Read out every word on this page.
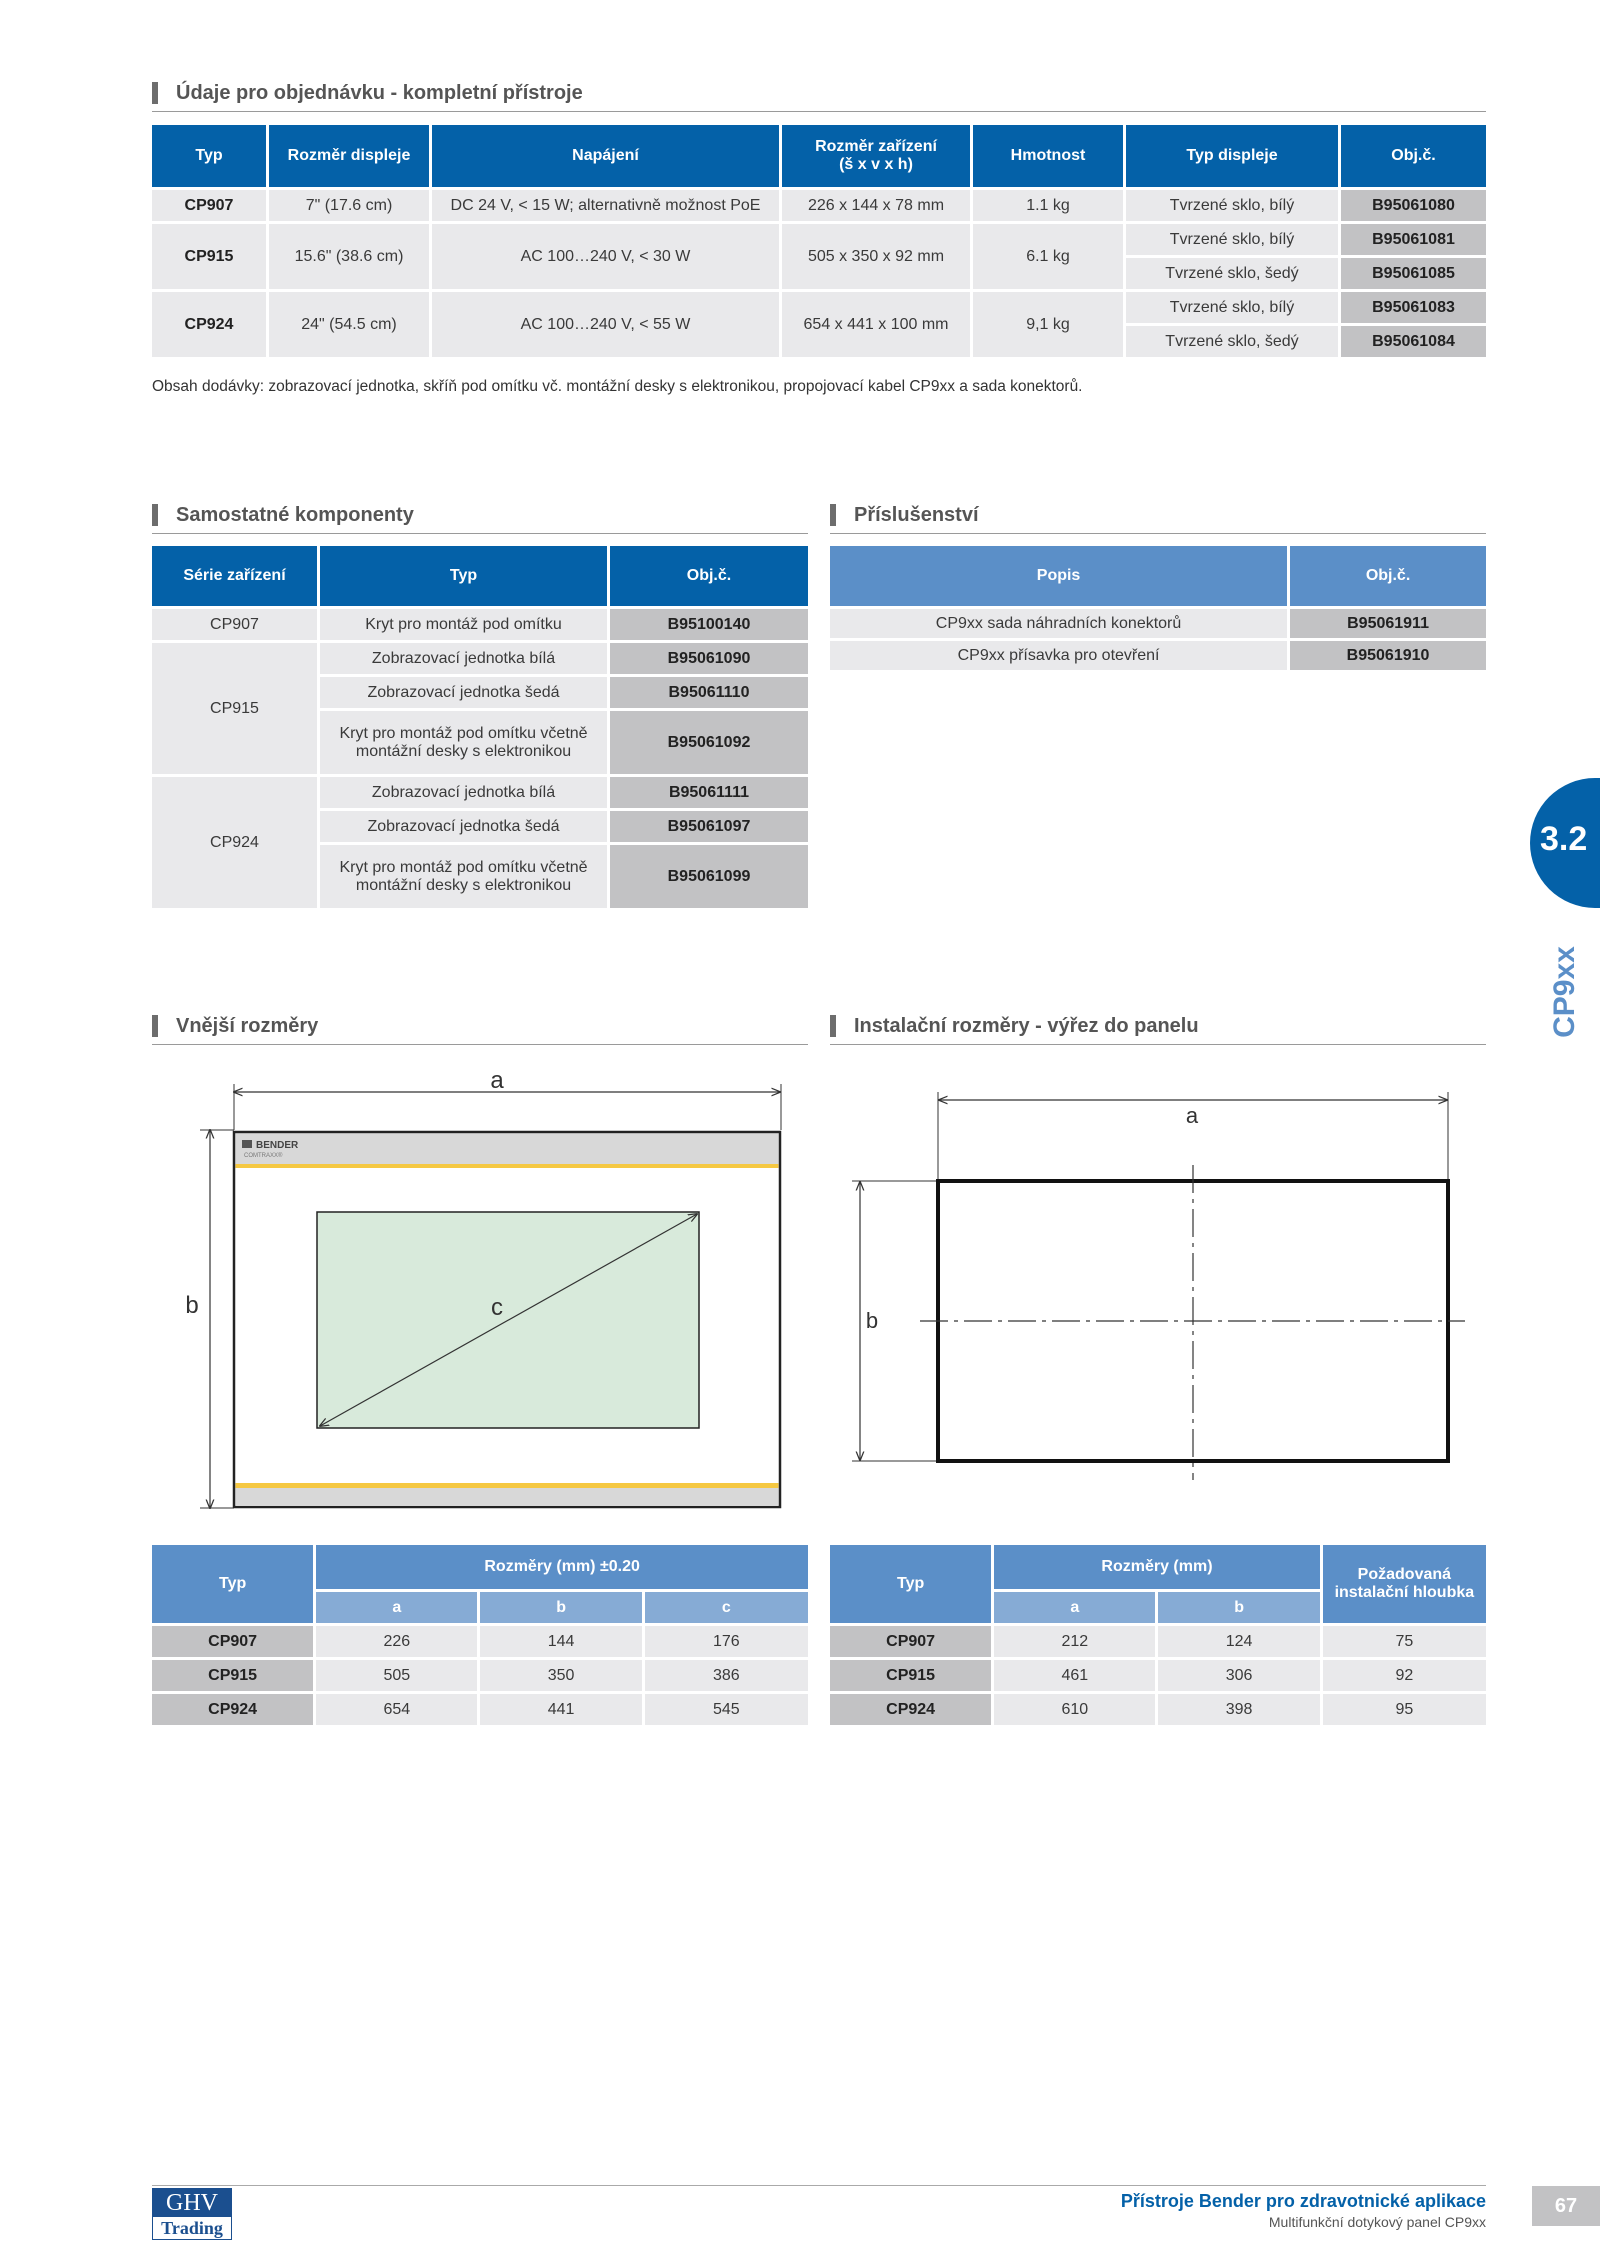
Údaje pro objednávku - kompletní přístroje
Typ	Rozměr displeje	Napájení	Rozměr zařízení
(š x v x h)	Hmotnost	Typ displeje	Obj.č.
CP907	7" (17.6 cm)	DC 24 V, < 15 W; alternativně možnost PoE	226 x 144 x 78 mm	1.1 kg	Tvrzené sklo, bílý	B95061080
CP915	15.6" (38.6 cm)	AC 100…240 V, < 30 W	505 x 350 x 92 mm	6.1 kg	Tvrzené sklo, bílý	B95061081
					Tvrzené sklo, šedý	B95061085
CP924	24" (54.5 cm)	AC 100…240 V, < 55 W	654 x 441 x 100 mm	9,1 kg	Tvrzené sklo, bílý	B95061083
					Tvrzené sklo, šedý	B95061084
Obsah dodávky: zobrazovací jednotka, skříň pod omítku vč. montážní desky s elektronikou, propojovací kabel CP9xx a sada konektorů.
Samostatné komponenty
Série zařízení	Typ	Obj.č.
CP907	Kryt pro montáž pod omítku	B95100140
CP915	Zobrazovací jednotka bílá	B95061090
	Zobrazovací jednotka šedá	B95061110

	Kryt pro montáž pod omítku včetně
montážní desky s elektronikou	B95061092
CP924	Zobrazovací jednotka bílá	B95061111
	Zobrazovací jednotka šedá	B95061097

	Kryt pro montáž pod omítku včetně
montážní desky s elektronikou	B95061099
Příslušenství
Popis	Obj.č.
CP9xx sada náhradních konektorů	B95061911
CP9xx přísavka pro otevření	B95061910
3.2
CP9xx
Vnější rozměry	Instalační rozměry - výřez do panelu
a
b
BENDER
COMTRAXX®
c
a
b
Typ	Rozměry (mm) ±0.20		
	a	b	c
CP907	226	144	176
CP915	505	350	386
CP924	654	441	545
Typ	Rozměry (mm)		Požadovaná
instalační hloubka

	a	b	
CP907	212	124	75
CP915	461	306	92
CP924	610	398	95
GHV
Trading
Přístroje Bender pro zdravotnické aplikace
Multifunkční dotykový panel CP9xx
67
